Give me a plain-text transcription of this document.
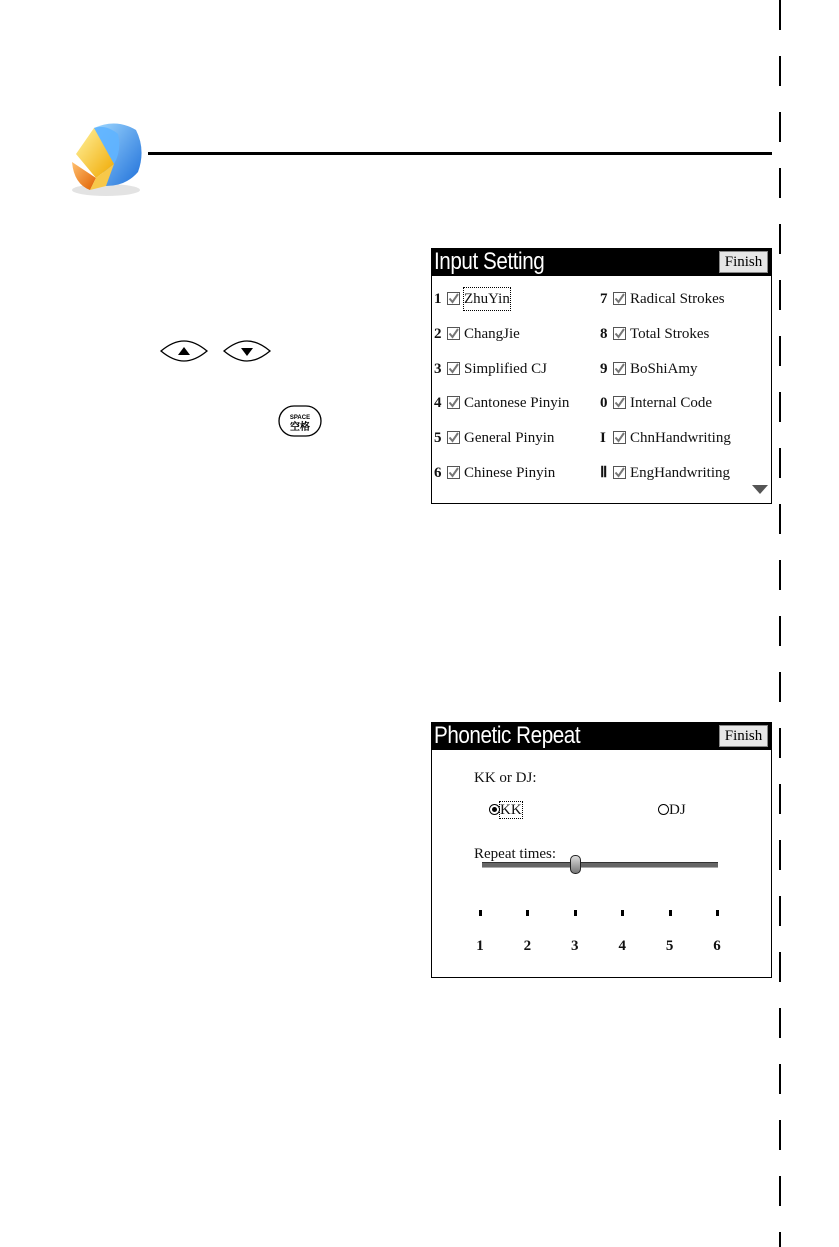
SPACE
空格
Input Setting	Finish
1 ZhuYin
2 ChangJie
3 Simplified CJ
4 Cantonese Pinyin
5 General Pinyin
6 Chinese Pinyin
7 Radical Strokes
8 Total Strokes
9 BoShiAmy
0 Internal Code
I ChnHandwriting
Ⅱ EngHandwriting
Phonetic Repeat	Finish
KK or DJ:
KK	DJ
Repeat times:
1	2	3	4	5	6
